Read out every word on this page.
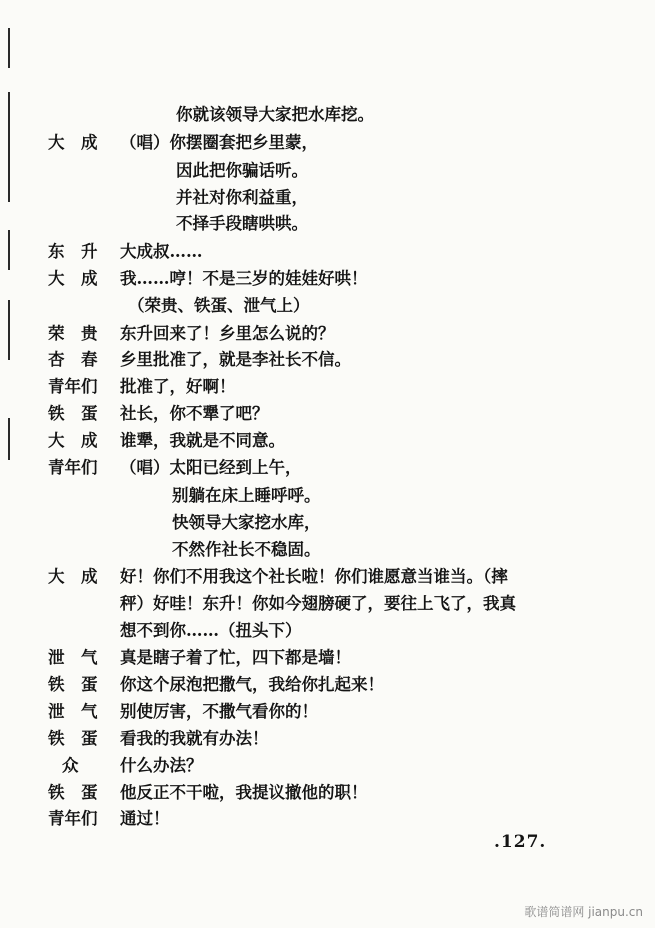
你就该领导大家把水库挖。
大　成 （唱）你摆圈套把乡里蒙，
因此把你骗话听。
并社对你利益重，
不择手段瞎哄哄。
东　升 大成叔……
大　成 我……哼！不是三岁的娃娃好哄！
（荣贵、铁蛋、泄气上）
荣　贵 东升回来了！乡里怎么说的？
杏　春 乡里批准了，就是李社长不信。
青年们 批准了，好啊！
铁　蛋 社长，你不犟了吧？
大　成 谁犟，我就是不同意。
青年们 （唱）太阳已经到上午，
别躺在床上睡呼呼。
快领导大家挖水库，
不然作社长不稳固。
大　成 好！你们不用我这个社长啦！你们谁愿意当谁当。（摔
秤）好哇！东升！你如今翅膀硬了，要往上飞了，我真
想不到你……（扭头下）
泄　气 真是瞎子着了忙，四下都是墙！
铁　蛋 你这个尿泡把撒气，我给你扎起来！
泄　气 别使厉害，不撒气看你的！
铁　蛋 看我的我就有办法！
众	什么办法？
铁　蛋 他反正不干啦，我提议撤他的职！
青年们 通过！
.127.
歌谱简谱网 jianpu.cn
